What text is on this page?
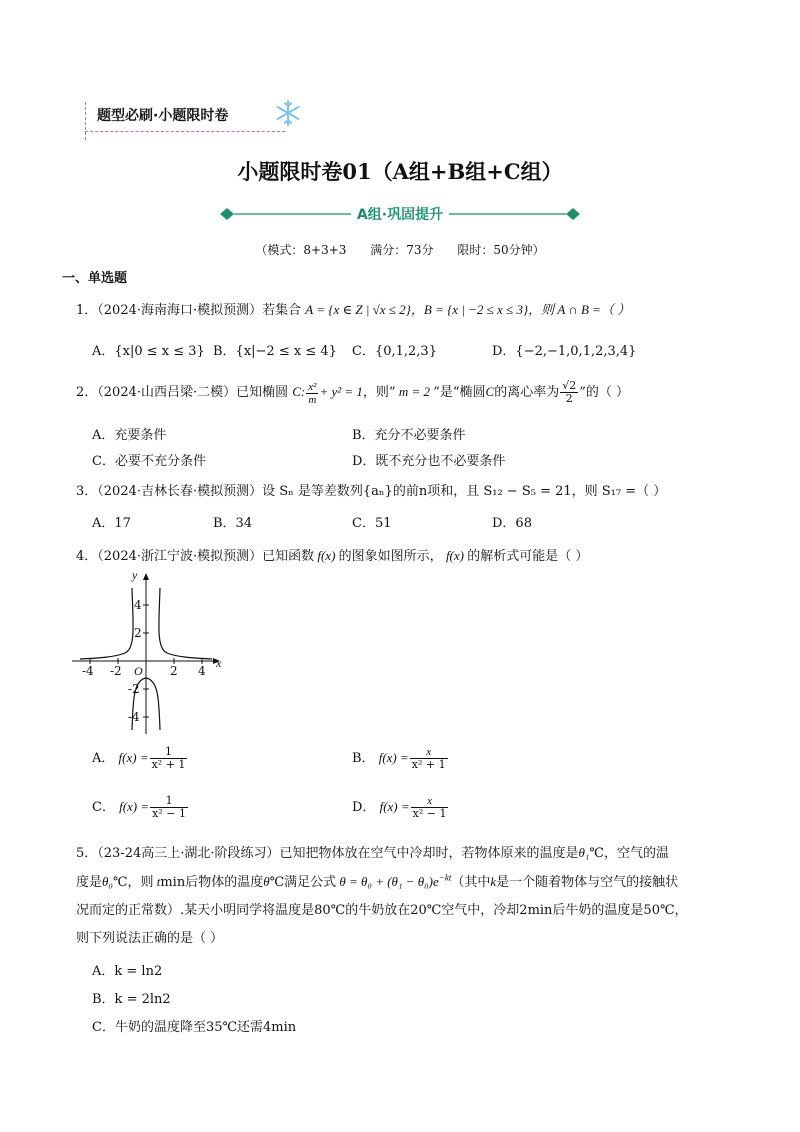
题型必刷·小题限时卷
小题限时卷01（A组+B组+C组）
A组·巩固提升
（模式：8+3+3 满分：73分 限时：50分钟）
一、单选题
1．（2024·海南海口·模拟预测）若集合 A = {x ∈ Z | √x ≤ 2}，B = {x | −2 ≤ x ≤ 3}，则 A ∩ B =（ ）
A．{x|0 ≤ x ≤ 3} B．{x|−2 ≤ x ≤ 4} C．{0,1,2,3}	D．{−2,−1,0,1,2,3,4}
2．（2024·山西吕梁·二模）已知椭圆 C: $\frac{\text{x²}}{m} + y^2 = 1$，则“ m = 2 ”是“椭圆C的离心率为 $\frac{√2}{2}$ ”的（ ）
A．充要条件	B．充分不必要条件
C．必要不充分条件	D．既不充分也不必要条件
3．（2024·吉林长春·模拟预测）设 Sₙ 是等差数列{aₙ}的前n项和，且 S₁₂ − S₅ = 21，则 S₁₇ =（ ）
A．17	B．34	C．51	D．68
4．（2024·浙江宁波·模拟预测）已知函数 f(x) 的图象如图所示， f(x) 的解析式可能是（ ）
y
x
-4 -2 O 2 4
4
2
-2
-4
A． $f(x) = \frac{1}{\text{x² + 1}}$	B． $f(x) = \frac{x}{\text{x² + 1}}$
C． $f(x) = \frac{1}{\text{x² − 1}}$	D． $f(x) = \frac{x}{\text{x² − 1}}$
5．（23-24高三上·湖北·阶段练习）已知把物体放在空气中冷却时，若物体原来的温度是θ₁℃，空气的温
度是θ₀℃，则 tmin后物体的温度θ℃满足公式 $\theta = \theta_0 + (\theta_1 - \theta_0)e^{-kt}$（其中k是一个随着物体与空气的接触状
况而定的正常数）.某天小明同学将温度是80℃的牛奶放在20℃空气中，冷却2min后牛奶的温度是50℃，
则下列说法正确的是（ ）
A．k = ln2
B．k = 2ln2
C．牛奶的温度降至35℃还需4min
